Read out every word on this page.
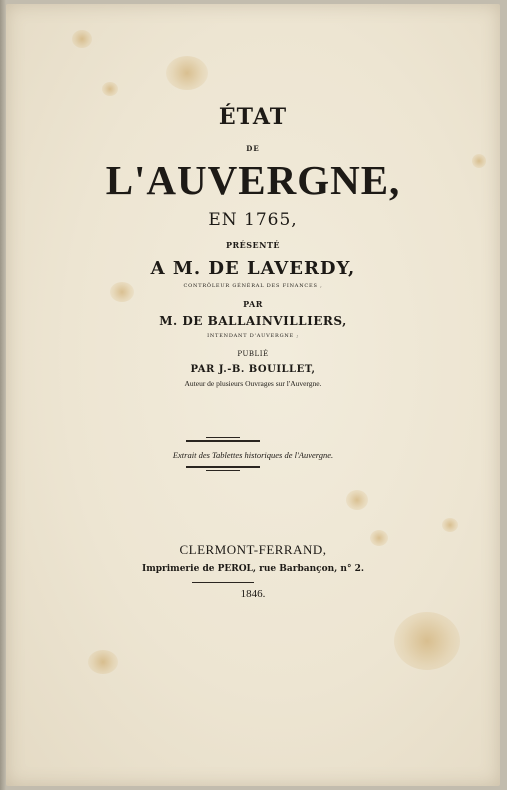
ÉTAT
DE
L'AUVERGNE,
EN 1765,
PRÉSENTÉ
A M. DE LAVERDY,
CONTRÔLEUR GÉNÉRAL DES FINANCES ,
PAR
M. DE BALLAINVILLIERS,
INTENDANT D'AUVERGNE ;
PUBLIÉ
PAR J.-B. BOUILLET,
Auteur de plusieurs Ouvrages sur l'Auvergne.
Extrait des Tablettes historiques de l'Auvergne.
CLERMONT-FERRAND,
Imprimerie de PEROL, rue Barbançon, n° 2.
1846.
